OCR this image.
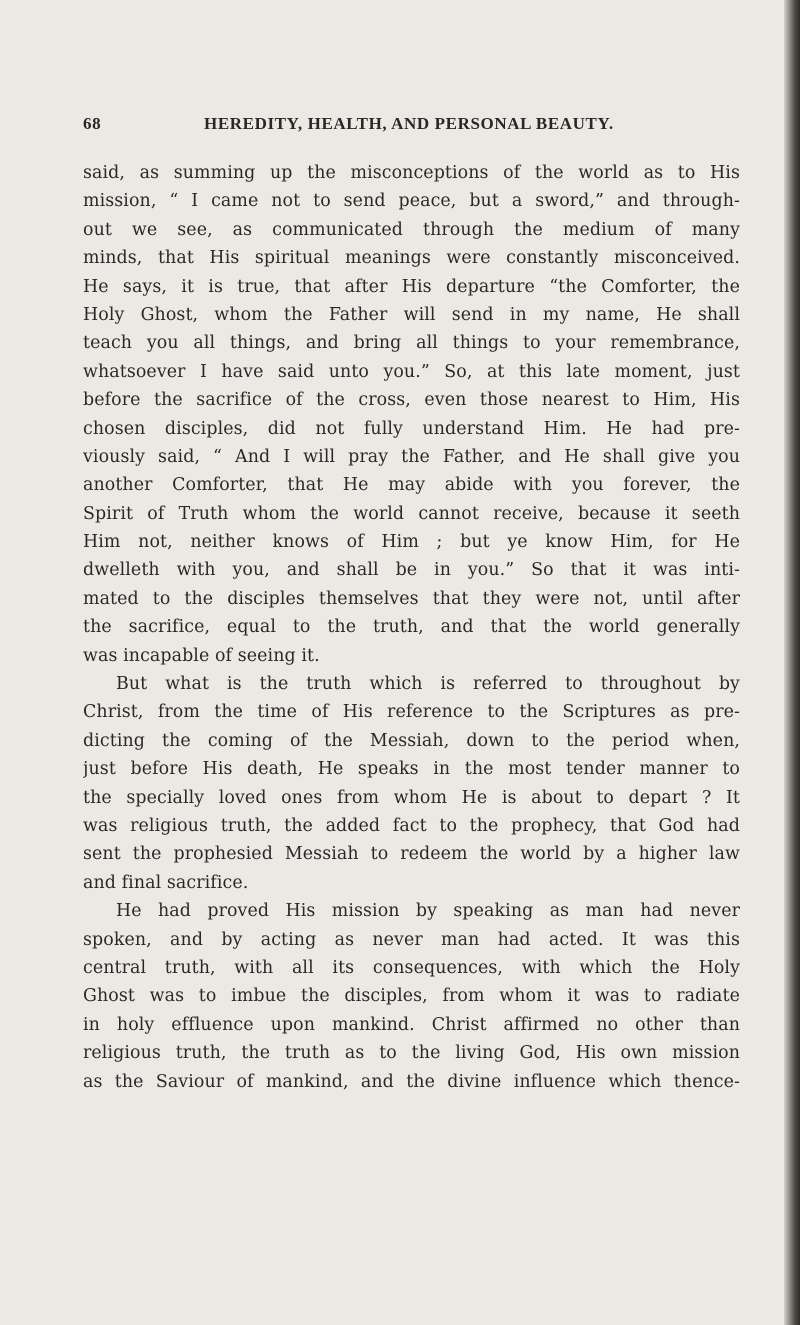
68	HEREDITY, HEALTH, AND PERSONAL BEAUTY.

said, as summing up the misconceptions of the world as to His
mission, “ I came not to send peace, but a sword,” and through-
out we see, as communicated through the medium of many
minds, that His spiritual meanings were constantly misconceived.
He says, it is true, that after His departure “the Comforter, the
Holy Ghost, whom the Father will send in my name, He shall
teach you all things, and bring all things to your remembrance,
whatsoever I have said unto you.” So, at this late moment, just
before the sacrifice of the cross, even those nearest to Him, His
chosen disciples, did not fully understand Him. He had pre-
viously said, “ And I will pray the Father, and He shall give you
another Comforter, that He may abide with you forever, the
Spirit of Truth whom the world cannot receive, because it seeth
Him not, neither knows of Him ; but ye know Him, for He
dwelleth with you, and shall be in you.” So that it was inti-
mated to the disciples themselves that they were not, until after
the sacrifice, equal to the truth, and that the world generally
was incapable of seeing it.

But what is the truth which is referred to throughout by
Christ, from the time of His reference to the Scriptures as pre-
dicting the coming of the Messiah, down to the period when,
just before His death, He speaks in the most tender manner to
the specially loved ones from whom He is about to depart ? It
was religious truth, the added fact to the prophecy, that God had
sent the prophesied Messiah to redeem the world by a higher law
and final sacrifice.

He had proved His mission by speaking as man had never
spoken, and by acting as never man had acted. It was this
central truth, with all its consequences, with which the Holy
Ghost was to imbue the disciples, from whom it was to radiate
in holy effluence upon mankind. Christ affirmed no other than
religious truth, the truth as to the living God, His own mission
as the Saviour of mankind, and the divine influence which thence-
